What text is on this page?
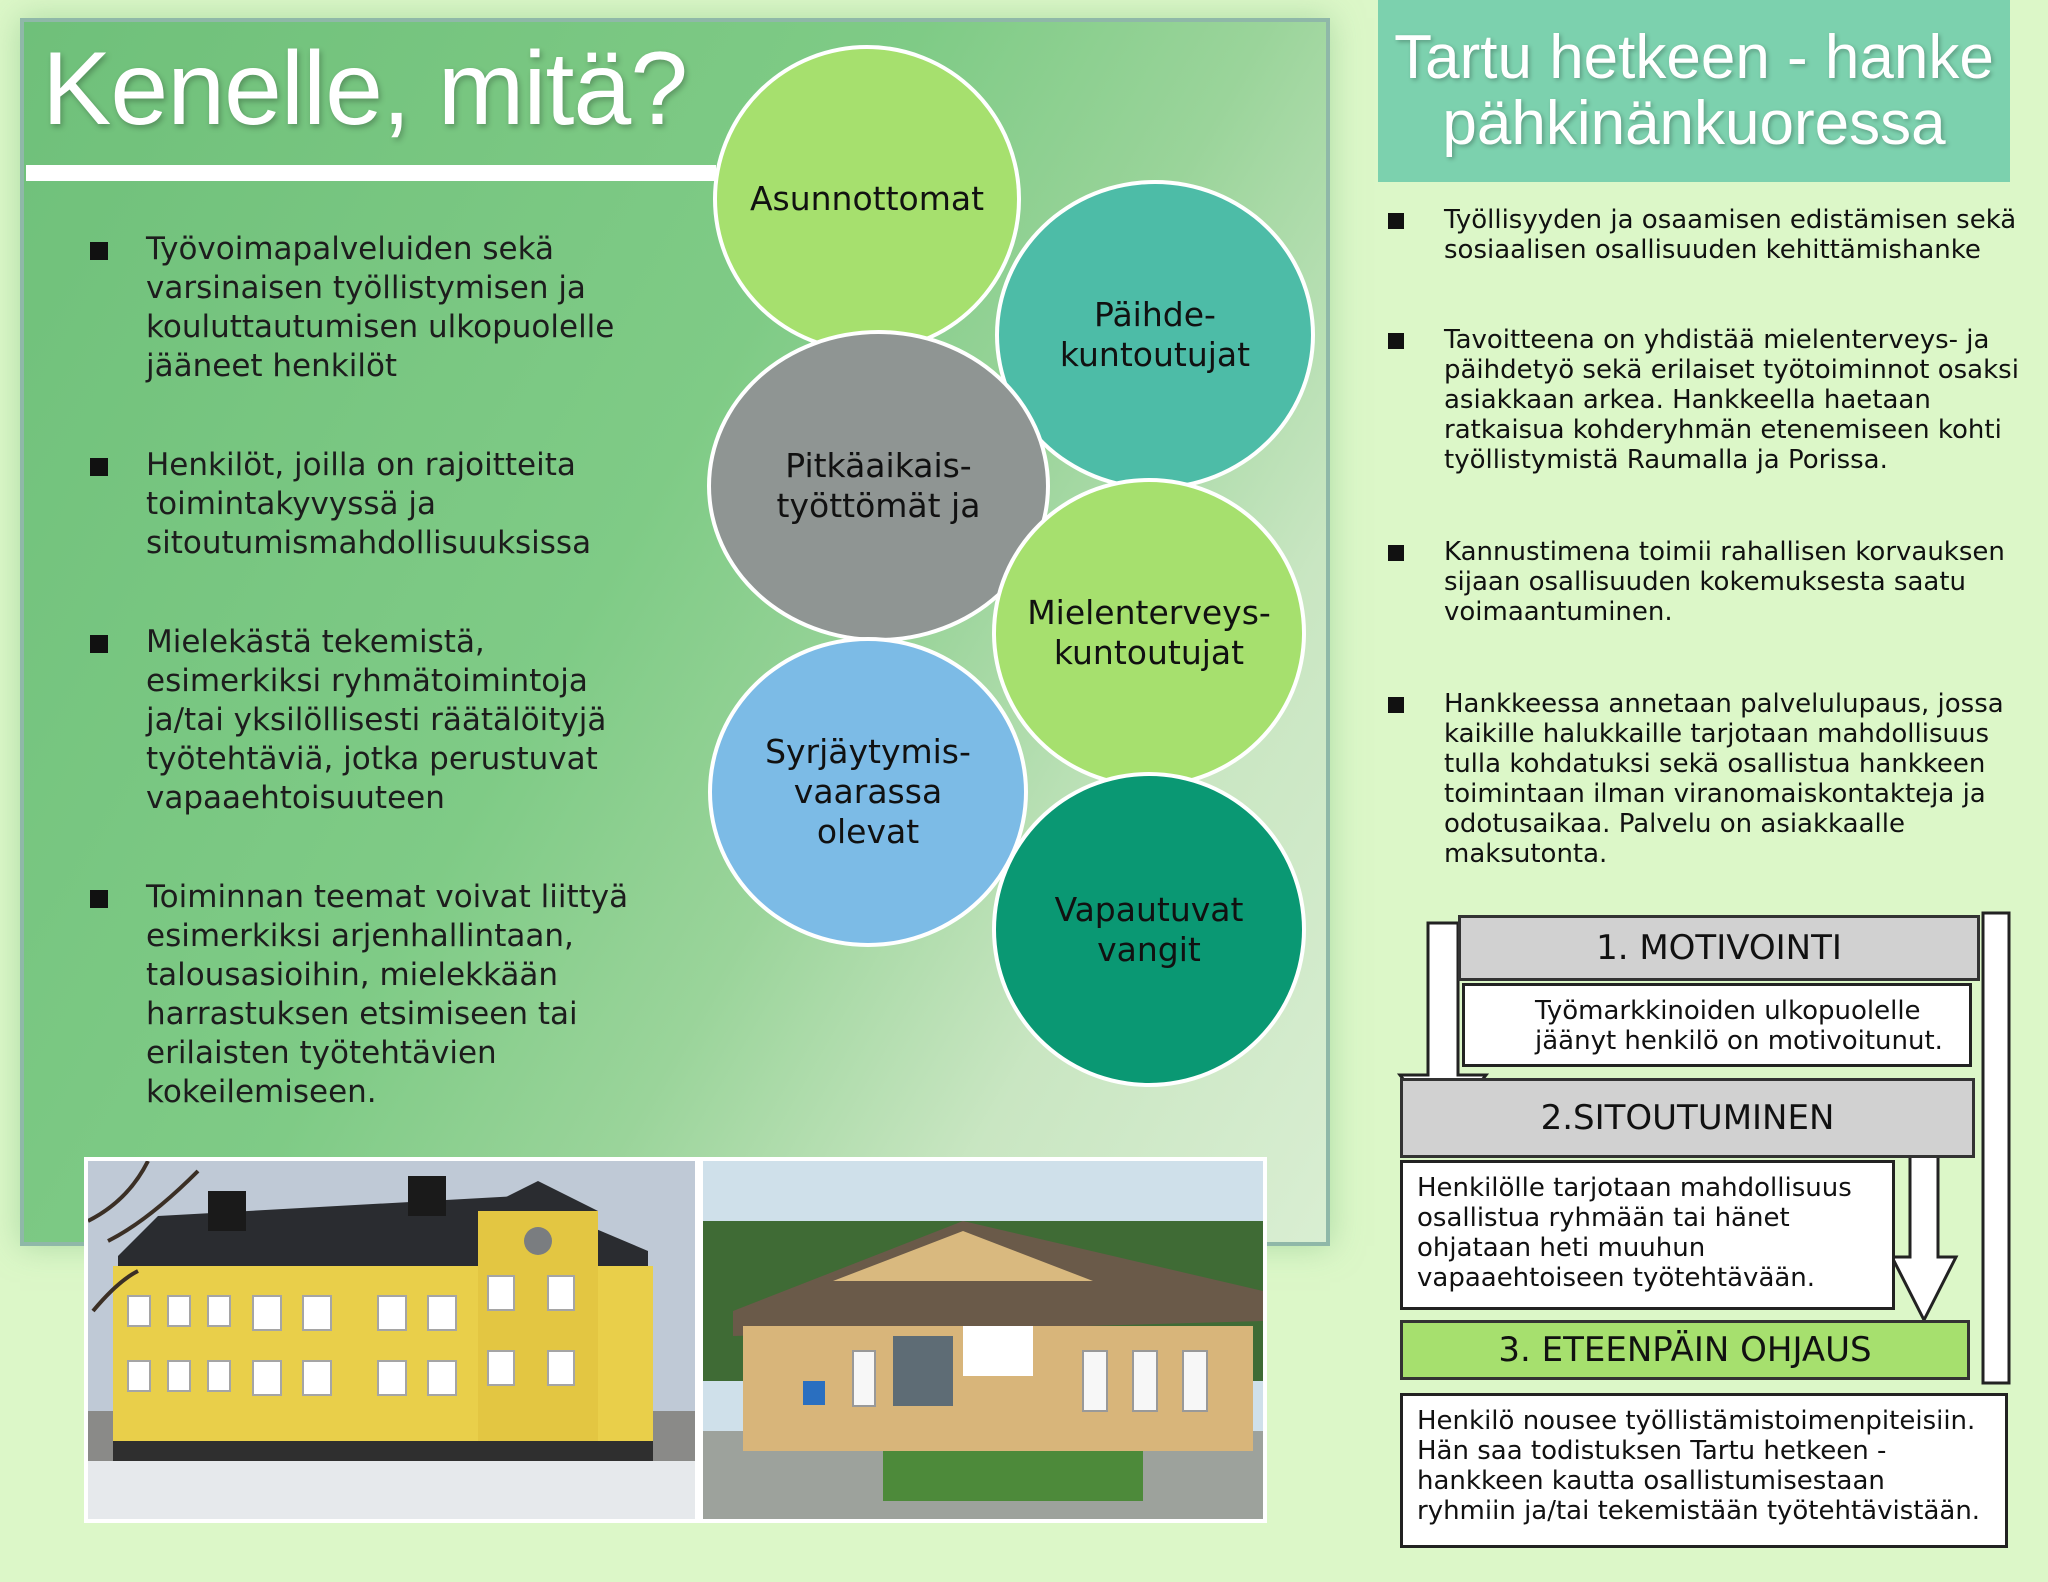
Kenelle, mitä?
Työvoimapalveluiden sekä varsinaisen työllistymisen ja kouluttautumisen ulkopuolelle jääneet henkilöt
Henkilöt, joilla on rajoitteita toimintakyvyssä ja sitoutumismahdollisuuksissa
Mielekästä tekemistä, esimerkiksi ryhmätoimintoja ja/tai yksilöllisesti räätälöityjä työtehtäviä, jotka perustuvat vapaaehtoisuuteen
Toiminnan teemat voivat liittyä esimerkiksi arjenhallintaan, talousasioihin, mielekkään harrastuksen etsimiseen tai erilaisten työtehtävien kokeilemiseen.
Asunnottomat
Päihde-
kuntoutujat
Pitkäaikais-
työttömät ja
Mielenterveys-
kuntoutujat
Syrjäytymis-
vaarassa
olevat
Vapautuvat
vangit
Tartu hetkeen - hanke
pähkinänkuoressa
Työllisyyden ja osaamisen edistämisen sekä sosiaalisen osallisuuden kehittämishanke
Tavoitteena on yhdistää mielenterveys- ja päihdetyö sekä erilaiset työtoiminnot osaksi asiakkaan arkea. Hankkeella haetaan ratkaisua kohderyhmän etenemiseen kohti työllistymistä Raumalla ja Porissa.
Kannustimena toimii rahallisen korvauksen sijaan osallisuuden kokemuksesta saatu voimaantuminen.
Hankkeessa annetaan palvelulupaus, jossa kaikille halukkaille tarjotaan mahdollisuus tulla kohdatuksi sekä osallistua hankkeen toimintaan ilman viranomaiskontakteja ja odotusaikaa. Palvelu on asiakkaalle maksutonta.
1. MOTIVOINTI
Työmarkkinoiden ulkopuolelle jäänyt henkilö on motivoitunut.
2.SITOUTUMINEN
Henkilölle tarjotaan mahdollisuus osallistua ryhmään tai hänet ohjataan heti muuhun vapaaehtoiseen työtehtävään.
3. ETEENPÄIN OHJAUS
Henkilö nousee työllistämistoimenpiteisiin. Hän saa todistuksen Tartu hetkeen -hankkeen kautta osallistumisestaan ryhmiin ja/tai tekemistään työtehtävistään.
